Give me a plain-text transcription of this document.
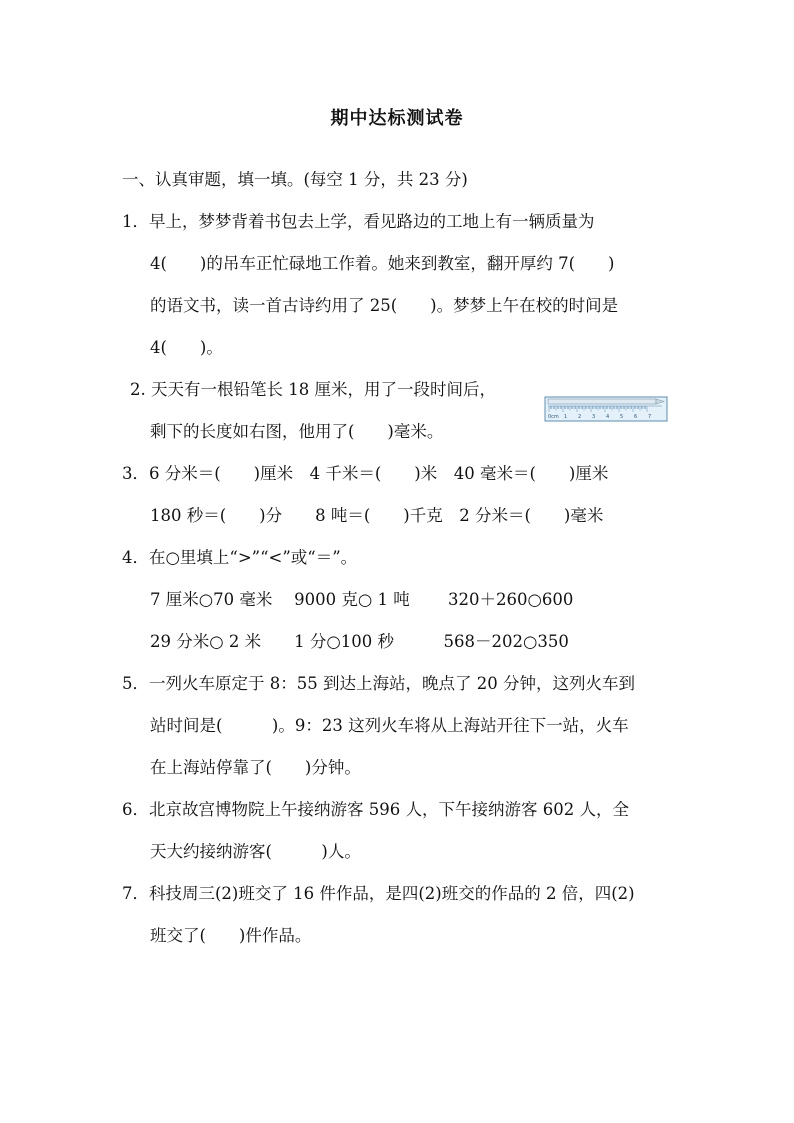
期中达标测试卷
一、认真审题，填一填。(每空 1 分，共 23 分)
1．早上，梦梦背着书包去上学，看见路边的工地上有一辆质量为
4(　　)的吊车正忙碌地工作着。她来到教室，翻开厚约 7(　　)
的语文书，读一首古诗约用了 25(　　)。梦梦上午在校的时间是
4(　　)。
2. 天天有一根铅笔长 18 厘米，用了一段时间后，
剩下的长度如右图，他用了(　　)毫米。
0cm 1 2 3 4 5 6 7
3．6 分米＝(　　)厘米　4 千米＝(　　)米　40 毫米＝(　　)厘米
180 秒＝(　　)分　　8 吨＝(　　)千克　2 分米＝(　　)毫米
4．在○里填上“>”“<”或“＝”。
7 厘米○70 毫米　 9000 克○ 1 吨　　 320＋260○600
29 分米○ 2 米　　1 分○100 秒　　　568－202○350
5．一列火车原定于 8：55 到达上海站，晚点了 20 分钟，这列火车到
站时间是(　　　)。9：23 这列火车将从上海站开往下一站，火车
在上海站停靠了(　　)分钟。
6．北京故宫博物院上午接纳游客 596 人，下午接纳游客 602 人，全
天大约接纳游客(　　　)人。
7．科技周三(2)班交了 16 件作品，是四(2)班交的作品的 2 倍，四(2)
班交了(　　)件作品。
